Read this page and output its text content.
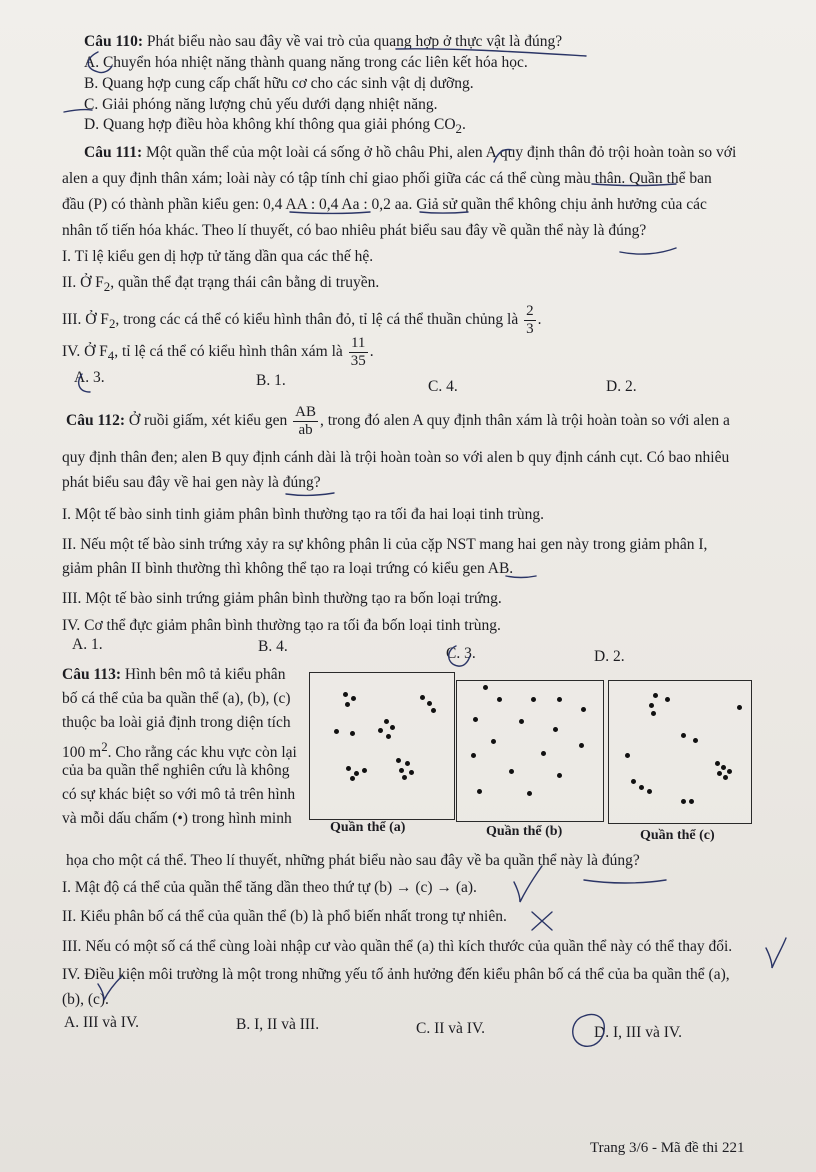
Câu 110: Phát biểu nào sau đây về vai trò của quang hợp ở thực vật là đúng?
A. Chuyển hóa nhiệt năng thành quang năng trong các liên kết hóa học.
B. Quang hợp cung cấp chất hữu cơ cho các sinh vật dị dưỡng.
C. Giải phóng năng lượng chủ yếu dưới dạng nhiệt năng.
D. Quang hợp điều hòa không khí thông qua giải phóng $CO_2$.
Câu 111: Một quần thể của một loài cá sống ở hồ châu Phi, alen A quy định thân đỏ trội hoàn toàn so với
alen a quy định thân xám; loài này có tập tính chỉ giao phối giữa các cá thể cùng màu thân. Quần thể ban
đầu (P) có thành phần kiểu gen: 0,4 AA : 0,4 Aa : 0,2 aa. Giả sử quần thể không chịu ảnh hưởng của các
nhân tố tiến hóa khác. Theo lí thuyết, có bao nhiêu phát biểu sau đây về quần thể này là đúng?
I. Tỉ lệ kiểu gen dị hợp tử tăng dần qua các thế hệ.
II. Ở $F_2$, quần thể đạt trạng thái cân bằng di truyền.
III. Ở $F_2$, trong các cá thể có kiểu hình thân đỏ, tỉ lệ cá thể thuần chủng là $\frac{2}{3}$ .
IV. Ở $F_4$, tỉ lệ cá thể có kiểu hình thân xám là $\frac{11}{35}$ .
A. 3.	B. 1.	C. 4.	D. 2.
Câu 112: Ở ruồi giấm, xét kiểu gen $\frac{AB}{ab}$ , trong đó alen A quy định thân xám là trội hoàn toàn so với alen a
quy định thân đen; alen B quy định cánh dài là trội hoàn toàn so với alen b quy định cánh cụt. Có bao nhiêu
phát biểu sau đây về hai gen này là đúng?
I. Một tế bào sinh tinh giảm phân bình thường tạo ra tối đa hai loại tinh trùng.
II. Nếu một tế bào sinh trứng xảy ra sự không phân li của cặp NST mang hai gen này trong giảm phân I,
giảm phân II bình thường thì không thể tạo ra loại trứng có kiểu gen AB.
III. Một tế bào sinh trứng giảm phân bình thường tạo ra bốn loại trứng.
IV. Cơ thể đực giảm phân bình thường tạo ra tối đa bốn loại tinh trùng.
A. 1.	B. 4.	C. 3.	D. 2.
Câu 113: Hình bên mô tả kiểu phân
bố cá thể của ba quần thể (a), (b), (c)
thuộc ba loài giả định trong diện tích
100 $m^2$. Cho rằng các khu vực còn lại
của ba quần thể nghiên cứu là không
có sự khác biệt so với mô tả trên hình
và mỗi dấu chấm (•) trong hình minh
họa cho một cá thể. Theo lí thuyết, những phát biểu nào sau đây về ba quần thể này là đúng?
Quần thể (a)	Quần thể (b)	Quần thể (c)
I. Mật độ cá thể của quần thể tăng dần theo thứ tự (b) → (c) → (a).
II. Kiểu phân bố cá thể của quần thể (b) là phổ biến nhất trong tự nhiên.
III. Nếu có một số cá thể cùng loài nhập cư vào quần thể (a) thì kích thước của quần thể này có thể thay đổi.
IV. Điều kiện môi trường là một trong những yếu tố ảnh hưởng đến kiểu phân bố cá thể của ba quần thể (a),
(b), (c).
A. III và IV.	B. I, II và III.	C. II và IV.	D. I, III và IV.
Trang 3/6 - Mã đề thi 221
